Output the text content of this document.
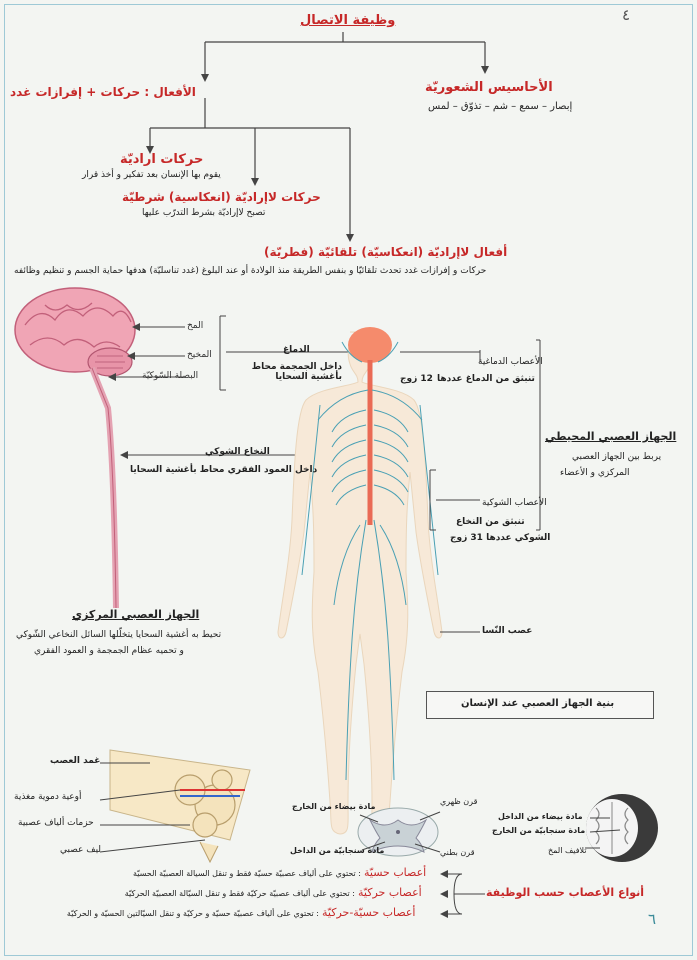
٤
وظيفة الاتصال
الأحاسيس الشعوريّة
إبصار – سمع – شم – تذوّق – لمس
الأفعال : حركات + إفرازات غدد
حركات اراديّة
يقوم بها الإنسان بعد تفكير و أخذ قرار
حركات لاإراديّة (انعكاسية) شرطيّة
تصبح لاإراديّة بشرط التدرّب عليها
أفعال لاإراديّة (انعكاسيّة) تلقائيّة (فطريّة)
حركات و إفرازات غدد تحدث تلقائيّا و بنفس الطريقة منذ الولادة أو عند البلوغ (غدد تناسليّة) هدفها حماية الجسم و تنظيم وظائفه
المخ
المخيخ
البصلة السّوكيّة
الدماغ
داخل الجمجمة محاط بأغشية السحايا
النخاع الشوكي
داخل العمود الفقري محاط بأغشية السحايا
الجهاز العصبي المركزي
تحيط به أغشية السحايا يتخلّلها السائل النخاعي الشّوكي
و تحميه عظام الجمجمة و العمود الفقري
الأعصاب الدماغية
تنبثق من الدماغ عددها
12 زوج
الجهاز العصبي المحيطي
يربط بين الجهاز العصبي
المركزي و الأعضاء
الأعصاب الشوكية
تنبثق من النخاع
الشوكي عددها 31 زوج
عصب النّسا
بنية الجهاز العصبي عند الإنسان
غمد العصب
أوعية دموية مغذية
حزمات ألياف عصبية
ليف عصبي
مادة بيضاء من الخارج
قرن ظهري
مادة سنجابيّة من الداخل	قرن بطني
مادة بيضاء من الداخل
مادة سنجابيّة من الخارج
تلافيف المخ
أنواع الأعصاب حسب الوظيفة
أعصاب حسيّة
: تحتوي على ألياف عصبيّة حسيّة فقط و تنقل السيالة العصبيّة الحسيّة
أعصاب حركيّة
: تحتوي على ألياف عصبيّة حركيّة فقط و تنقل السيّالة العصبيّة الحركيّة
أعصاب حسيّة-حركيّة
: تحتوي على ألياف عصبيّة حسيّة و حركيّة و تنقل السيّالتين الحسيّة و الحركيّة	٦
